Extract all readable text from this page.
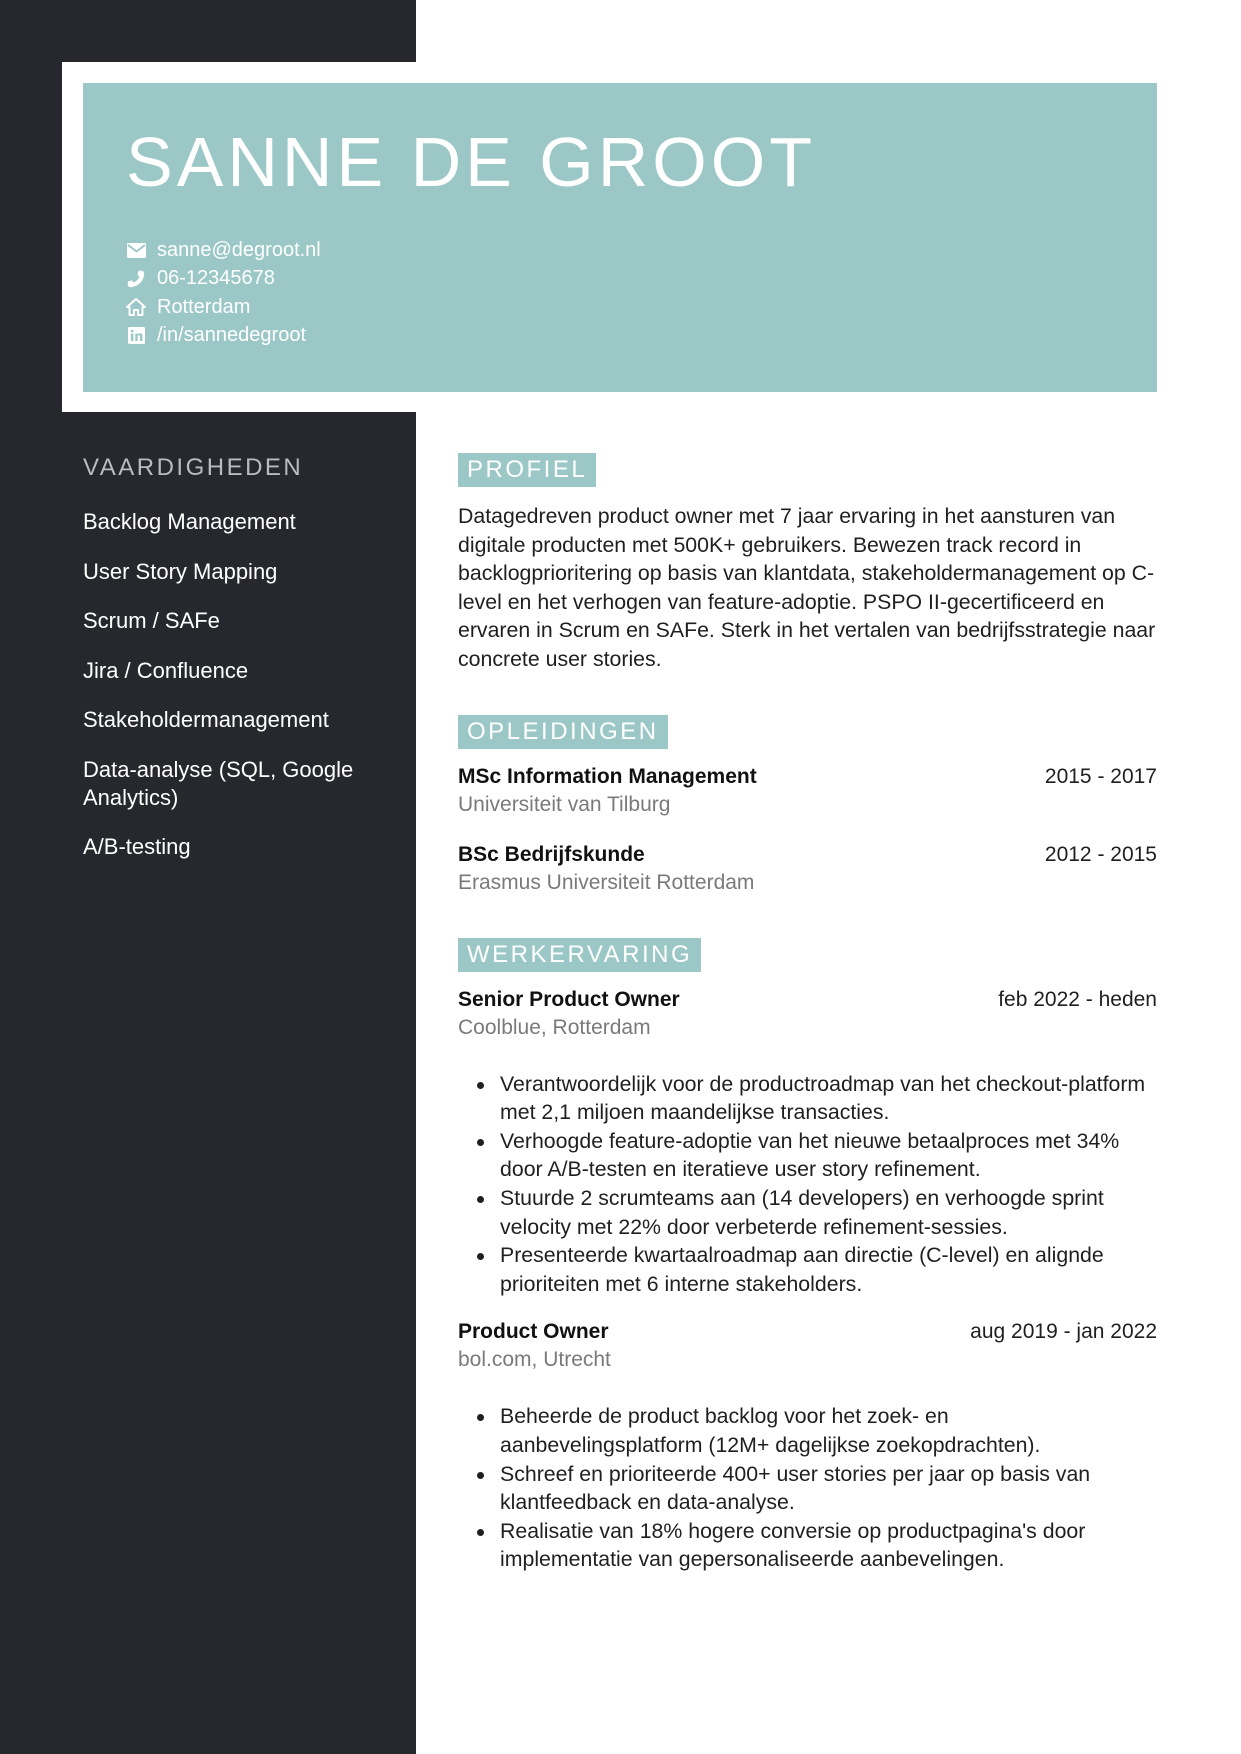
SANNE DE GROOT
sanne@degroot.nl
06-12345678
Rotterdam
/in/sannedegroot
VAARDIGHEDEN
Backlog Management
User Story Mapping
Scrum / SAFe
Jira / Confluence
Stakeholdermanagement
Data-analyse (SQL, Google Analytics)
A/B-testing
PROFIEL

Datagedreven product owner met 7 jaar ervaring in het aansturen van digitale producten met 500K+ gebruikers. Bewezen track record in backlogprioritering op basis van klantdata, stakeholdermanagement op C-level en het verhogen van feature-adoptie. PSPO II-gecertificeerd en ervaren in Scrum en SAFe. Sterk in het vertalen van bedrijfsstrategie naar concrete user stories.

OPLEIDINGEN
MSc Information Management	2015 - 2017
Universiteit van Tilburg
BSc Bedrijfskunde	2012 - 2015
Erasmus Universiteit Rotterdam
WERKERVARING
Senior Product Owner	feb 2022 - heden
Coolblue, Rotterdam
Verantwoordelijk voor de productroadmap van het checkout-platform met 2,1 miljoen maandelijkse transacties.
Verhoogde feature-adoptie van het nieuwe betaalproces met 34% door A/B-testen en iteratieve user story refinement.
Stuurde 2 scrumteams aan (14 developers) en verhoogde sprint velocity met 22% door verbeterde refinement-sessies.
Presenteerde kwartaalroadmap aan directie (C-level) en alignde prioriteiten met 6 interne stakeholders.
Product Owner	aug 2019 - jan 2022
bol.com, Utrecht
Beheerde de product backlog voor het zoek- en aanbevelingsplatform (12M+ dagelijkse zoekopdrachten).
Schreef en prioriteerde 400+ user stories per jaar op basis van klantfeedback en data-analyse.
Realisatie van 18% hogere conversie op productpagina's door implementatie van gepersonaliseerde aanbevelingen.
